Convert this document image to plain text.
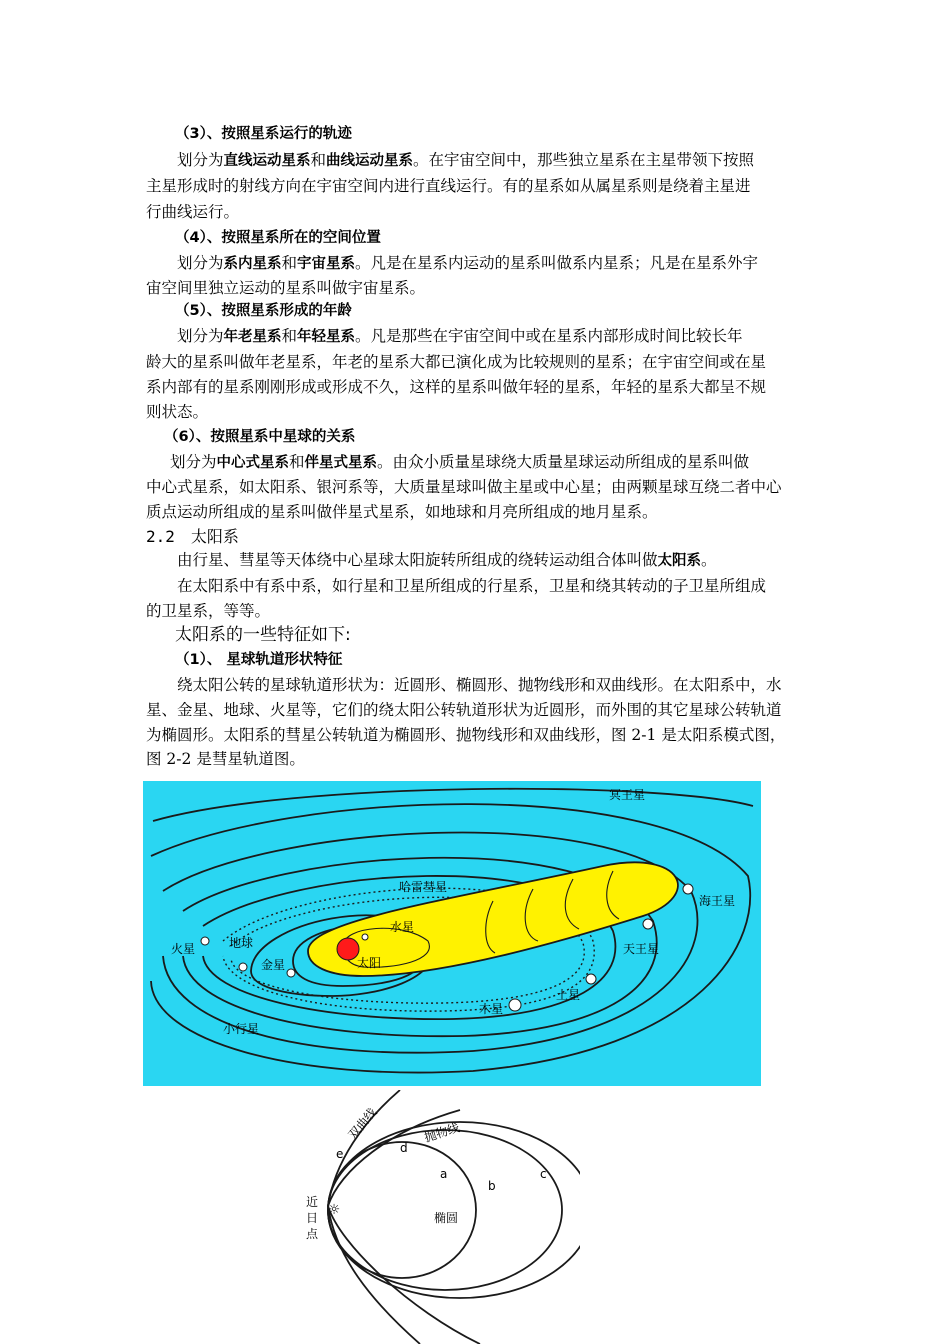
（3）、按照星系运行的轨迹
划分为直线运动星系和曲线运动星系。在宇宙空间中，那些独立星系在主星带领下按照
主星形成时的射线方向在宇宙空间内进行直线运行。有的星系如从属星系则是绕着主星进
行曲线运行。
（4）、按照星系所在的空间位置
划分为系内星系和宇宙星系。凡是在星系内运动的星系叫做系内星系；凡是在星系外宇
宙空间里独立运动的星系叫做宇宙星系。
（5）、按照星系形成的年龄
划分为年老星系和年轻星系。凡是那些在宇宙空间中或在星系内部形成时间比较长年
龄大的星系叫做年老星系，年老的星系大都已演化成为比较规则的星系；在宇宙空间或在星
系内部有的星系刚刚形成或形成不久，这样的星系叫做年轻的星系，年轻的星系大都呈不规
则状态。
（6）、按照星系中星球的关系
划分为中心式星系和伴星式星系。由众小质量星球绕大质量星球运动所组成的星系叫做
中心式星系，如太阳系、银河系等，大质量星球叫做主星或中心星；由两颗星球互绕二者中心
质点运动所组成的星系叫做伴星式星系，如地球和月亮所组成的地月星系。
2.2　太阳系
由行星、彗星等天体绕中心星球太阳旋转所组成的绕转运动组合体叫做太阳系。
在太阳系中有系中系，如行星和卫星所组成的行星系，卫星和绕其转动的子卫星所组成
的卫星系，等等。
太阳系的一些特征如下:
（1）、 星球轨道形状特征
绕太阳公转的星球轨道形状为：近圆形、椭圆形、抛物线形和双曲线形。在太阳系中，水
星、金星、地球、火星等，它们的绕太阳公转轨道形状为近圆形，而外围的其它星球公转轨道
为椭圆形。太阳系的彗星公转轨道为椭圆形、抛物线形和双曲线形，图 2-1 是太阳系模式图，
图 2-2 是彗星轨道图。
太阳
水星
金星
地球
火星
小行星
木星
土星
天王星
海王星
冥王星
哈雷彗星
☼
a
b
c
d
e
椭圆
抛物线
双曲线
近
日
点
